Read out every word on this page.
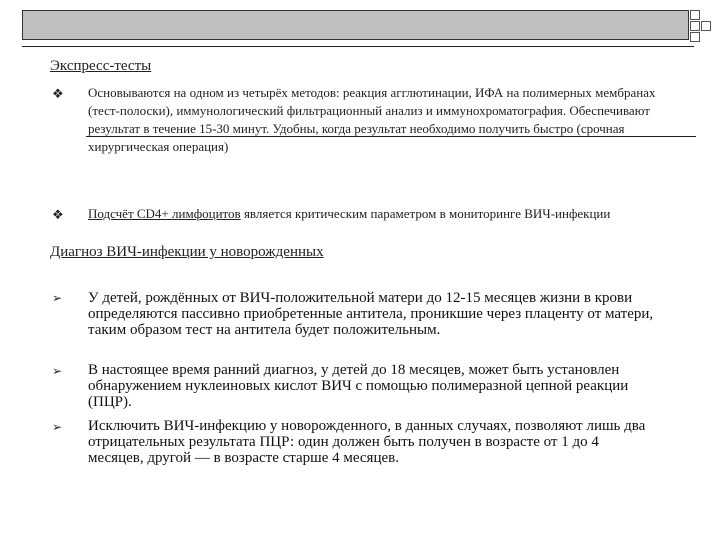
Экспресс-тесты
❖ Основываются на одном из четырёх методов: реакция агглютинации, ИФА на полимерных мембранах (тест-полоски), иммунологический фильтрационный анализ и иммунохроматография. Обеспечивают результат в течение 15-30 минут. Удобны, когда результат необходимо получить быстро (срочная хирургическая операция)
❖ Подсчёт CD4+ лимфоцитов является критическим параметром в мониторинге ВИЧ-инфекции
Диагноз ВИЧ-инфекции у новорожденных
➢ У детей, рождённых от ВИЧ-положительной матери до 12-15 месяцев жизни в крови определяются пассивно приобретенные антитела, проникшие через плаценту от матери, таким образом тест на антитела будет положительным.
➢ В настоящее время ранний диагноз, у детей до 18 месяцев, может быть установлен обнаружением нуклеиновых кислот ВИЧ с помощью полимеразной цепной реакции (ПЦР).
➢ Исключить ВИЧ-инфекцию у новорожденного, в данных случаях, позволяют лишь два отрицательных результата ПЦР: один должен быть получен в возрасте от 1 до 4 месяцев, другой — в возрасте старше 4 месяцев.
